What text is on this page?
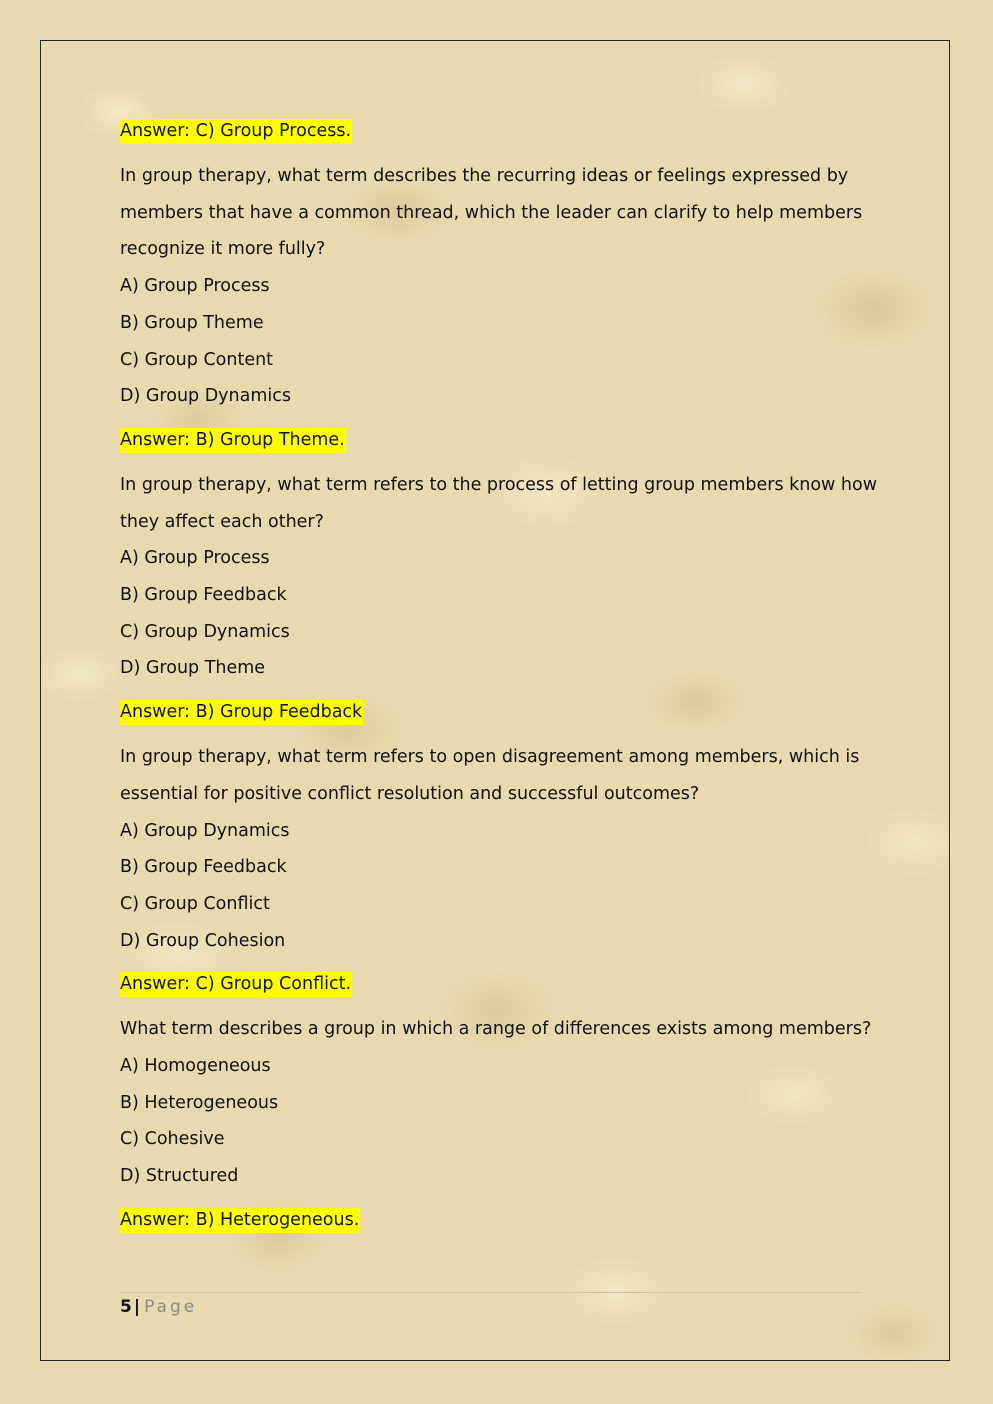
Answer: C) Group Process.
In group therapy, what term describes the recurring ideas or feelings expressed by
members that have a common thread, which the leader can clarify to help members
recognize it more fully?
A) Group Process
B) Group Theme
C) Group Content
D) Group Dynamics
Answer: B) Group Theme.
In group therapy, what term refers to the process of letting group members know how
they affect each other?
A) Group Process
B) Group Feedback
C) Group Dynamics
D) Group Theme
Answer: B) Group Feedback
In group therapy, what term refers to open disagreement among members, which is
essential for positive conflict resolution and successful outcomes?
A) Group Dynamics
B) Group Feedback
C) Group Conflict
D) Group Cohesion
Answer: C) Group Conflict.
What term describes a group in which a range of differences exists among members?
A) Homogeneous
B) Heterogeneous
C) Cohesive
D) Structured
Answer: B) Heterogeneous.
5 | Page
